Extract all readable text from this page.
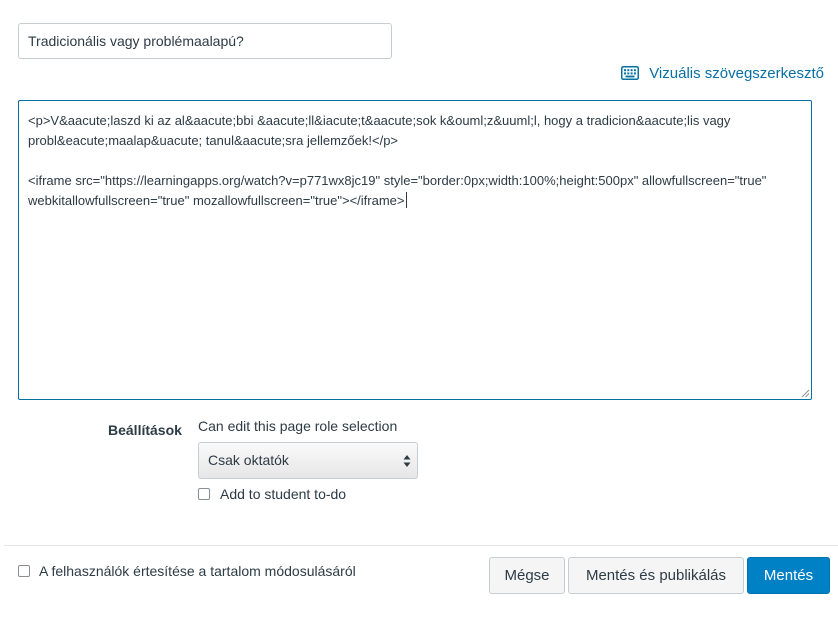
Tradicionális vagy problémaalapú?
Vizuális szövegszerkesztő
<p>V&aacute;laszd ki az al&aacute;bbi &aacute;ll&iacute;t&aacute;sok k&ouml;z&uuml;l, hogy a tradicion&aacute;lis vagy probl&eacute;maalap&uacute; tanul&aacute;sra jellemzőek!</p>
<iframe src="https://learningapps.org/watch?v=p771wx8jc19" style="border:0px;width:100%;height:500px" allowfullscreen="true" webkitallowfullscreen="true" mozallowfullscreen="true"></iframe>
Beállítások Can edit this page role selection
Csak oktatók
Add to student to-do
A felhasználók értesítése a tartalom módosulásáról	Mégse	Mentés és publikálás	Mentés
